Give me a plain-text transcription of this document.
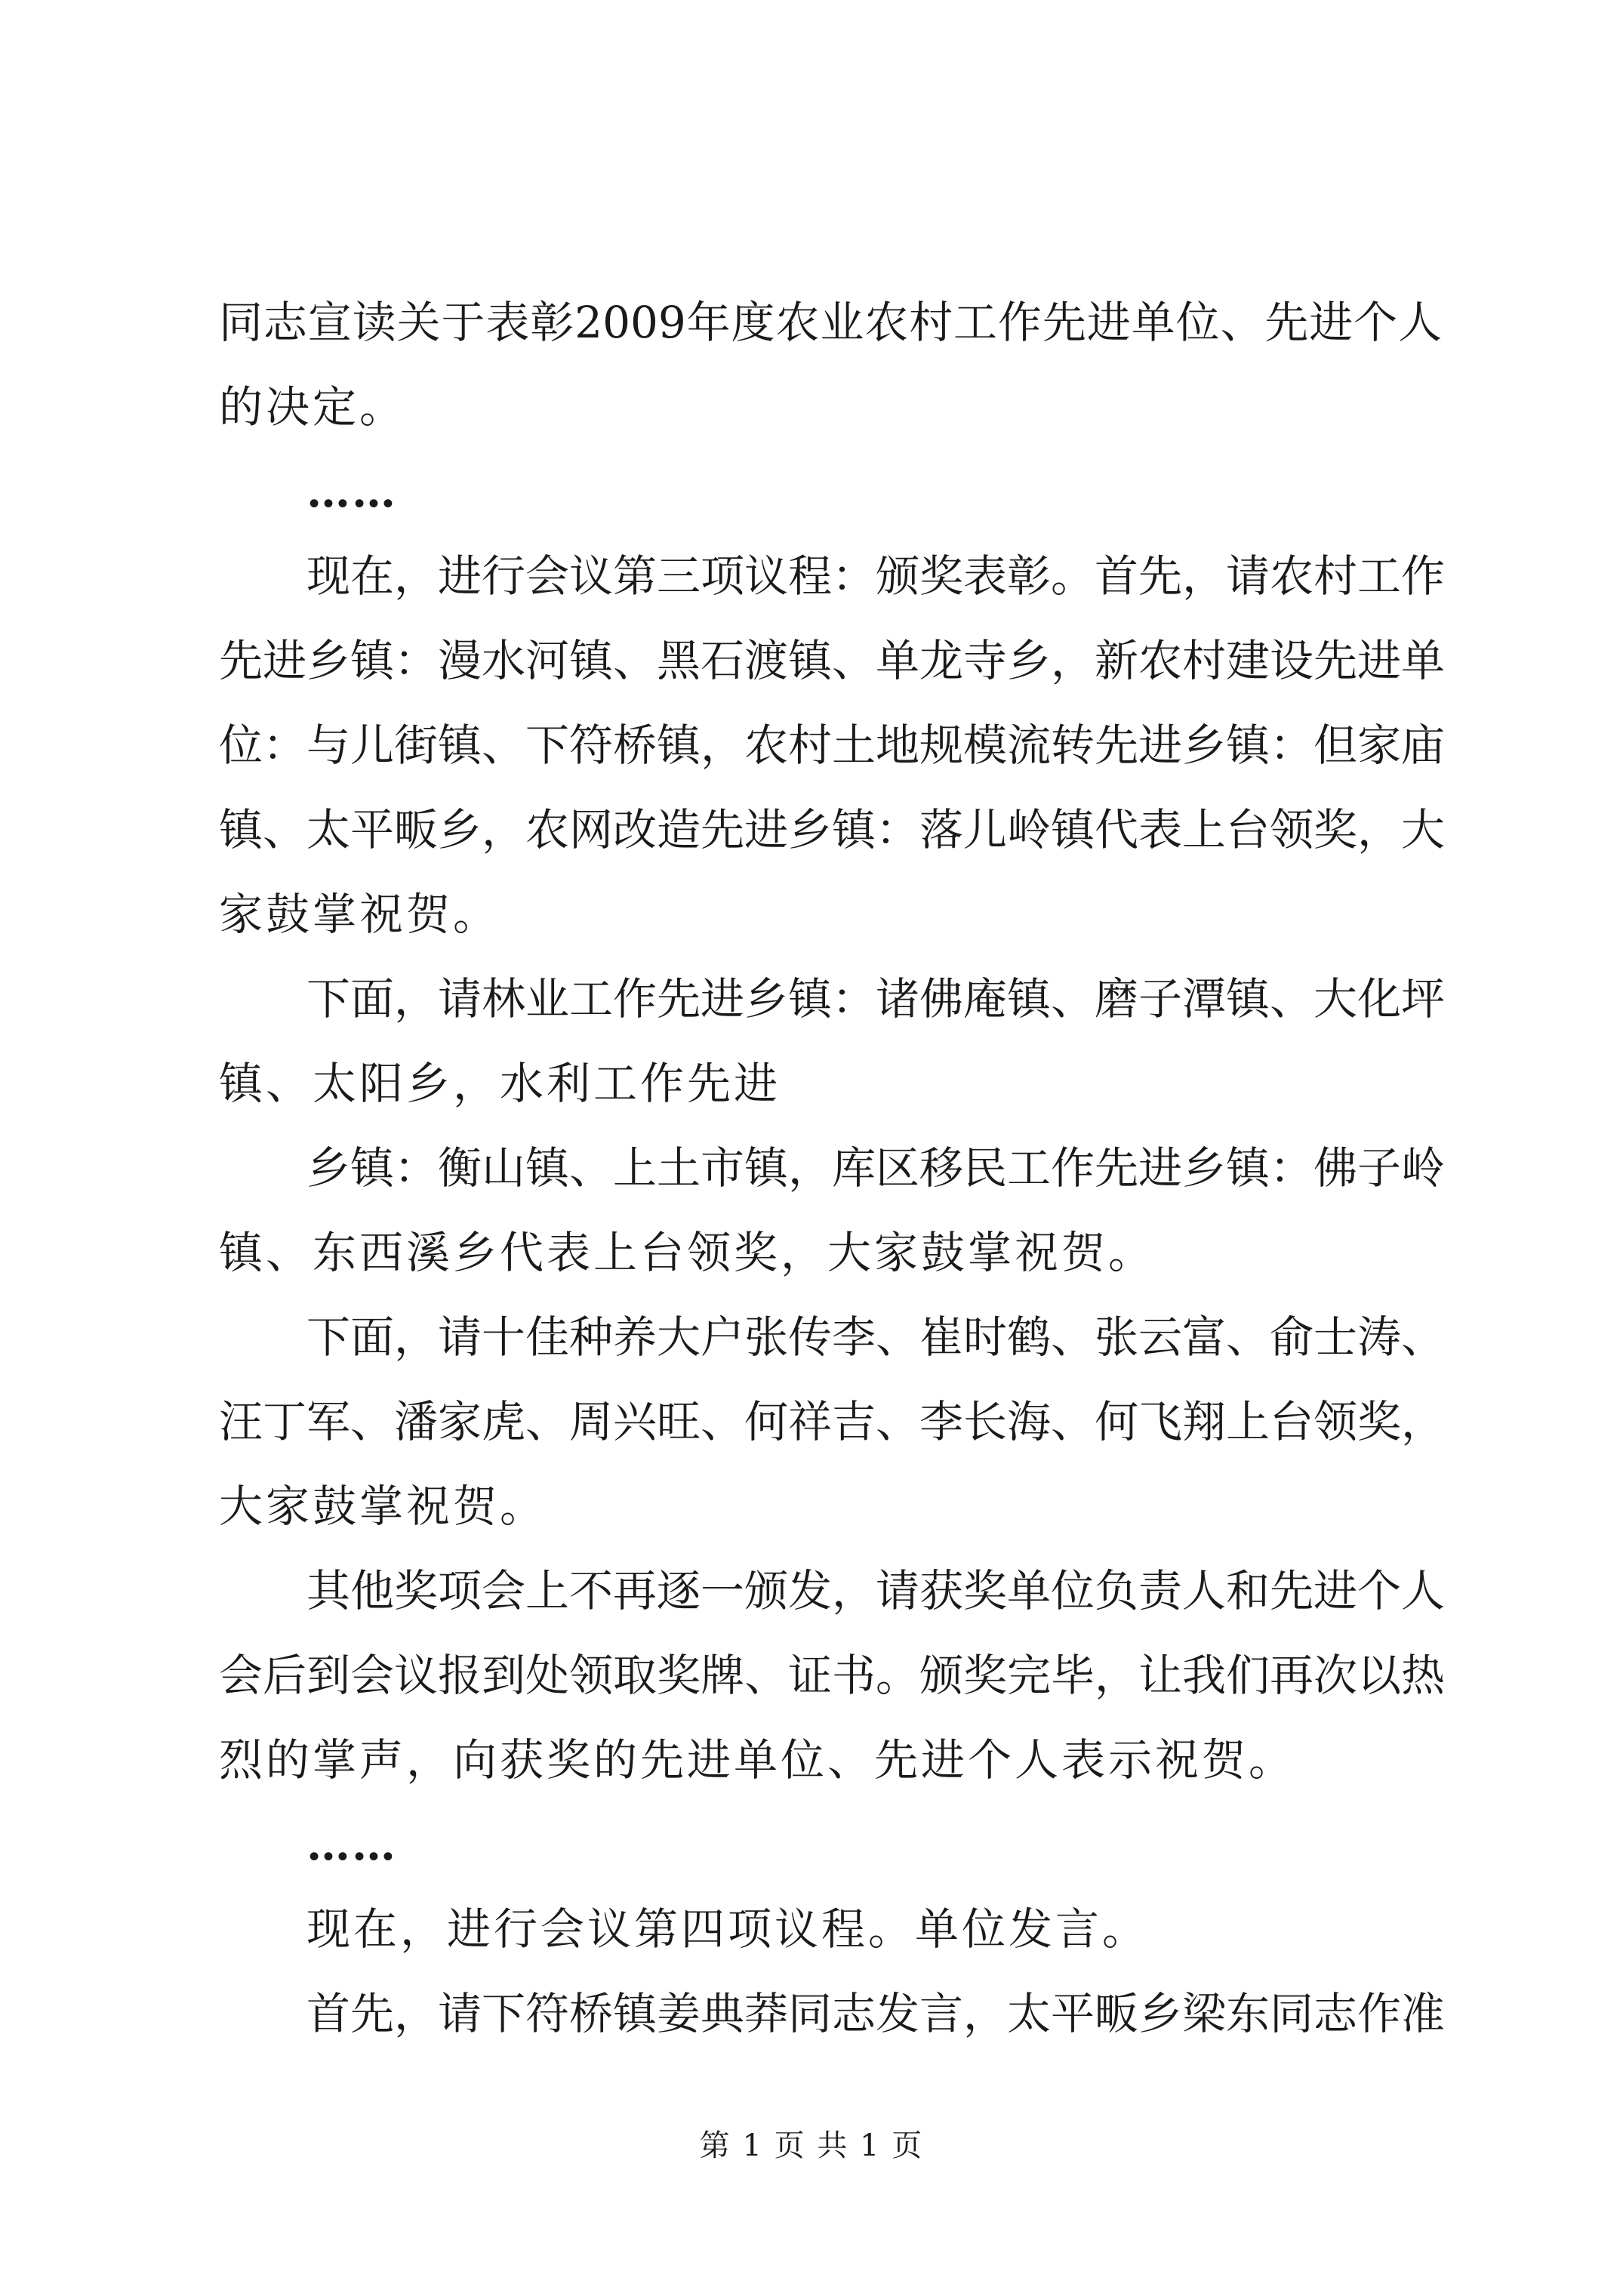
同志宣读关于表彰2009年度农业农村工作先进单位、先进个人
的决定。
……
现在，进行会议第三项议程：颁奖表彰。首先，请农村工作
先进乡镇：漫水河镇、黑石渡镇、单龙寺乡，新农村建设先进单
位：与儿街镇、下符桥镇，农村土地规模流转先进乡镇：但家庙
镇、太平畈乡，农网改造先进乡镇：落儿岭镇代表上台领奖，大
家鼓掌祝贺。
下面，请林业工作先进乡镇：诸佛庵镇、磨子潭镇、大化坪
镇、太阳乡，水利工作先进
乡镇：衡山镇、上土市镇，库区移民工作先进乡镇：佛子岭
镇、东西溪乡代表上台领奖，大家鼓掌祝贺。
下面，请十佳种养大户张传李、崔时鹤、张云富、俞士涛、
汪丁军、潘家虎、周兴旺、何祥吉、李长海、何飞翔上台领奖，
大家鼓掌祝贺。
其他奖项会上不再逐一颁发，请获奖单位负责人和先进个人
会后到会议报到处领取奖牌、证书。颁奖完毕，让我们再次以热
烈的掌声，向获奖的先进单位、先进个人表示祝贺。
……
现在，进行会议第四项议程。单位发言。
首先，请下符桥镇姜典莽同志发言，太平畈乡梁东同志作准
第 1 页 共 1 页
